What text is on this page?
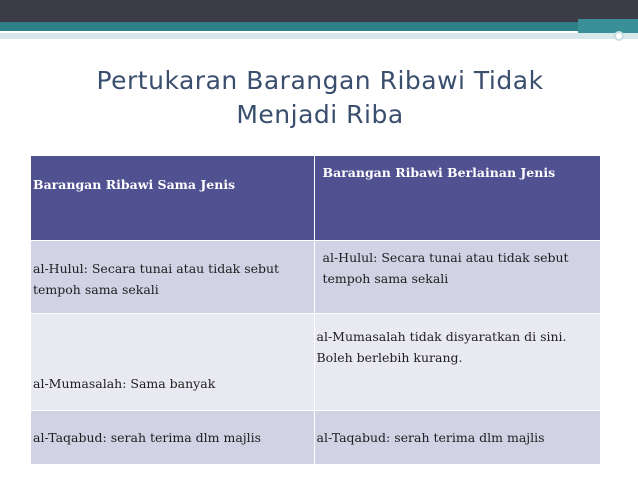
Pertukaran Barangan Ribawi Tidak
Menjadi Riba
Barangan Ribawi Sama Jenis	Barangan Ribawi Berlainan Jenis
al-Hulul: Secara tunai atau tidak sebut tempoh sama sekali	al-Hulul: Secara tunai atau tidak sebut tempoh sama sekali
al-Mumasalah: Sama banyak	al-Mumasalah tidak disyaratkan di sini. Boleh berlebih kurang.
al-Taqabud: serah terima dlm majlis	al-Taqabud: serah terima dlm majlis
